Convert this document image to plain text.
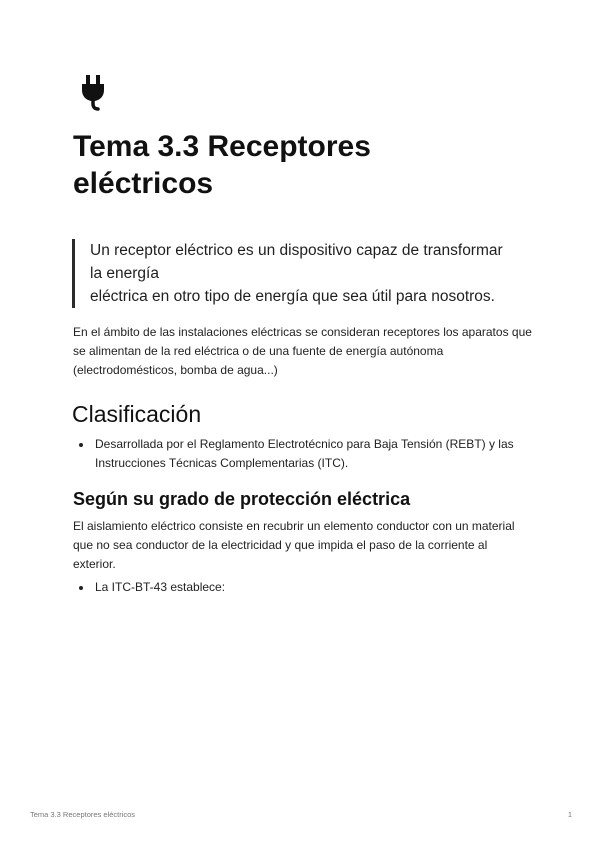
Tema 3.3 Receptores eléctricos
Un receptor eléctrico es un dispositivo capaz de transformar
la energía
eléctrica en otro tipo de energía que sea útil para nosotros.

En el ámbito de las instalaciones eléctricas se consideran receptores los aparatos que se alimentan de la red eléctrica o de una fuente de energía autónoma (electrodomésticos, bomba de agua...)

Clasificación
Desarrollada por el Reglamento Electrotécnico para Baja Tensión (REBT) y las Instrucciones Técnicas Complementarias (ITC).
Según su grado de protección eléctrica

El aislamiento eléctrico consiste en recubrir un elemento conductor con un material que no sea conductor de la electricidad y que impida el paso de la corriente al exterior.

La ITC-BT-43 establece:
Tema 3.3 Receptores eléctricos	1
